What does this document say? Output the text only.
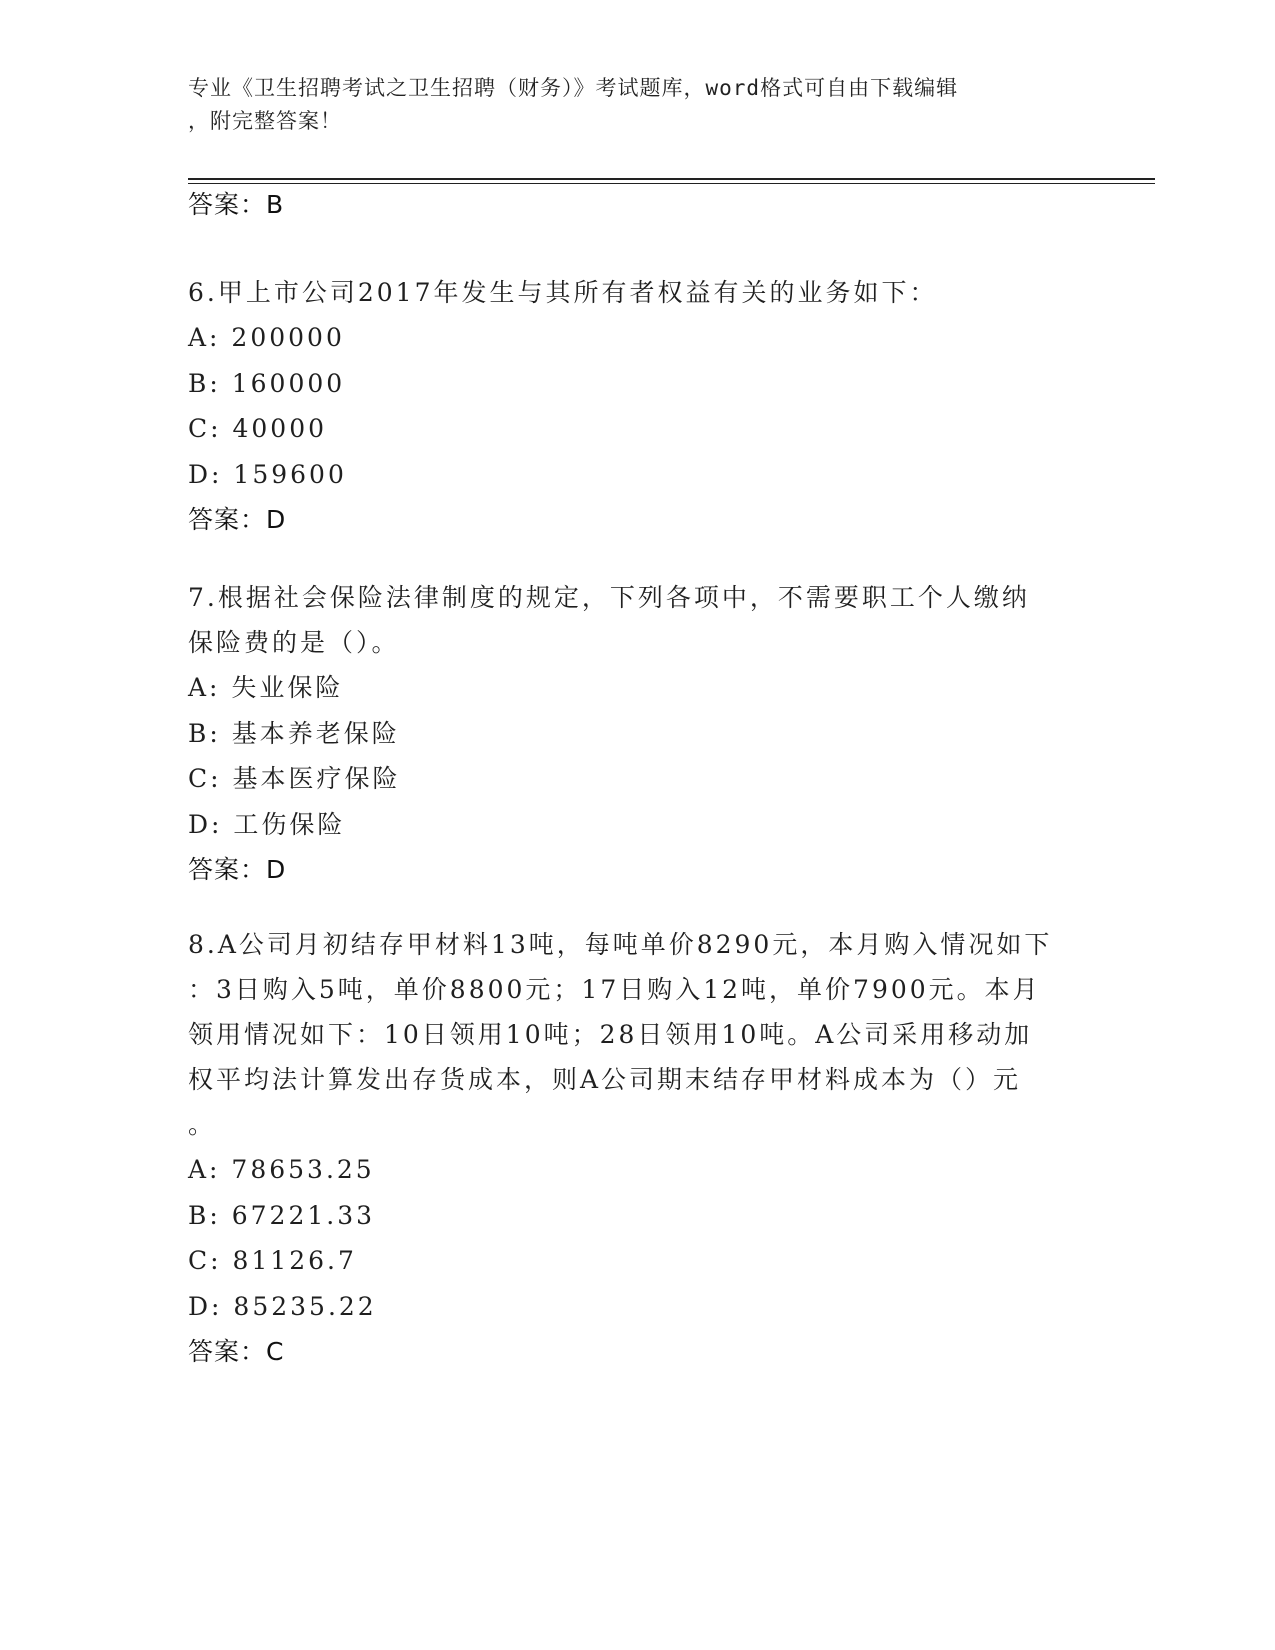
专业《卫生招聘考试之卫生招聘（财务）》考试题库，word格式可自由下载编辑
，附完整答案！
答案：B
6.甲上市公司2017年发生与其所有者权益有关的业务如下：
A: 200000
B: 160000
C: 40000
D: 159600
答案：D
7.根据社会保险法律制度的规定，下列各项中，不需要职工个人缴纳
保险费的是（）。
A: 失业保险
B: 基本养老保险
C: 基本医疗保险
D: 工伤保险
答案：D
8.A公司月初结存甲材料13吨，每吨单价8290元，本月购入情况如下
：3日购入5吨，单价8800元；17日购入12吨，单价7900元。本月
领用情况如下：10日领用10吨；28日领用10吨。A公司采用移动加
权平均法计算发出存货成本，则A公司期末结存甲材料成本为（）元
。
A: 78653.25
B: 67221.33
C: 81126.7
D: 85235.22
答案：C
